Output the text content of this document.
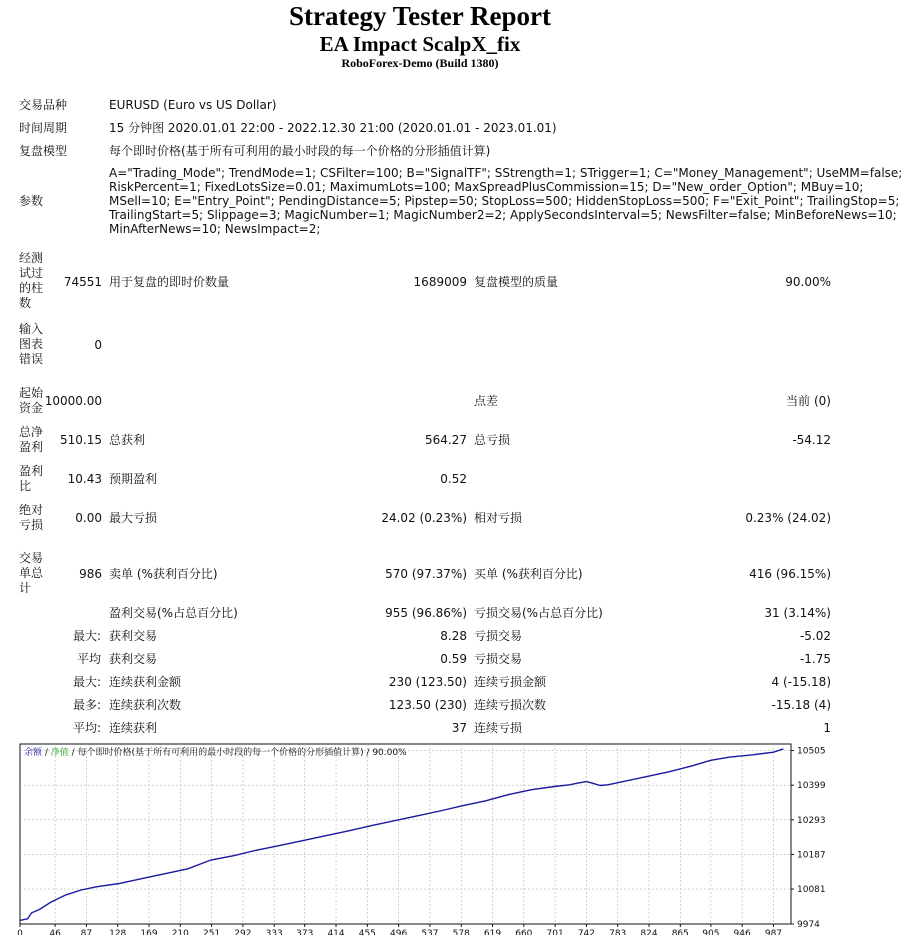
Strategy Tester Report
EA Impact ScalpX_fix
RoboForex-Demo (Build 1380)
交易品种	EURUSD (Euro vs US Dollar)
时间周期	15 分钟图 2020.01.01 22:00 - 2022.12.30 21:00 (2020.01.01 - 2023.01.01)
复盘模型	每个即时价格(基于所有可利用的最小时段的每一个价格的分形插值计算)
参数
A="Trading_Mode"; TrendMode=1; CSFilter=100; B="SignalTF"; SStrength=1; STrigger=1; C="Money_Management"; UseMM=false;
RiskPercent=1; FixedLotsSize=0.01; MaximumLots=100; MaxSpreadPlusCommission=15; D="New_order_Option"; MBuy=10;
MSell=10; E="Entry_Point"; PendingDistance=5; Pipstep=50; StopLoss=500; HiddenStopLoss=500; F="Exit_Point"; TrailingStop=5;
TrailingStart=5; Slippage=3; MagicNumber=1; MagicNumber2=2; ApplySecondsInterval=5; NewsFilter=false; MinBeforeNews=10;
MinAfterNews=10; NewsImpact=2;
经测
试过
的柱
数
74551 用于复盘的即时价数量	1689009 复盘模型的质量	90.00%
输入
图表
错误
0
起始
资金 10000.00	点差	当前 (0)
总净
盈利	510.15 总获利	564.27 总亏损	-54.12
盈利
比	10.43 预期盈利	0.52
绝对
亏损	0.00 最大亏损	24.02 (0.23%) 相对亏损	0.23% (24.02)
交易
单总
计
986 卖单 (%获利百分比)	570 (97.37%) 买单 (%获利百分比)	416 (96.15%)
盈利交易(%占总百分比)	955 (96.86%) 亏损交易(%占总百分比)	31 (3.14%)
最大: 获利交易	8.28 亏损交易	-5.02
平均 获利交易	0.59 亏损交易	-1.75
最大: 连续获利金额	230 (123.50) 连续亏损金额	4 (-15.18)
最多: 连续获利次数	123.50 (230) 连续亏损次数	-15.18 (4)
平均: 连续获利	37 连续亏损	1
0	46 87 128 169 210 251 292 333 373 414 455 496 537 578 619 660 701 742 783 824 865 905 946 987
10505
10399
10293
10187
10081
9974
余额 / 净值 / 每个即时价格(基于所有可利用的最小时段的每一个价格的分形插值计算) / 90.00%
